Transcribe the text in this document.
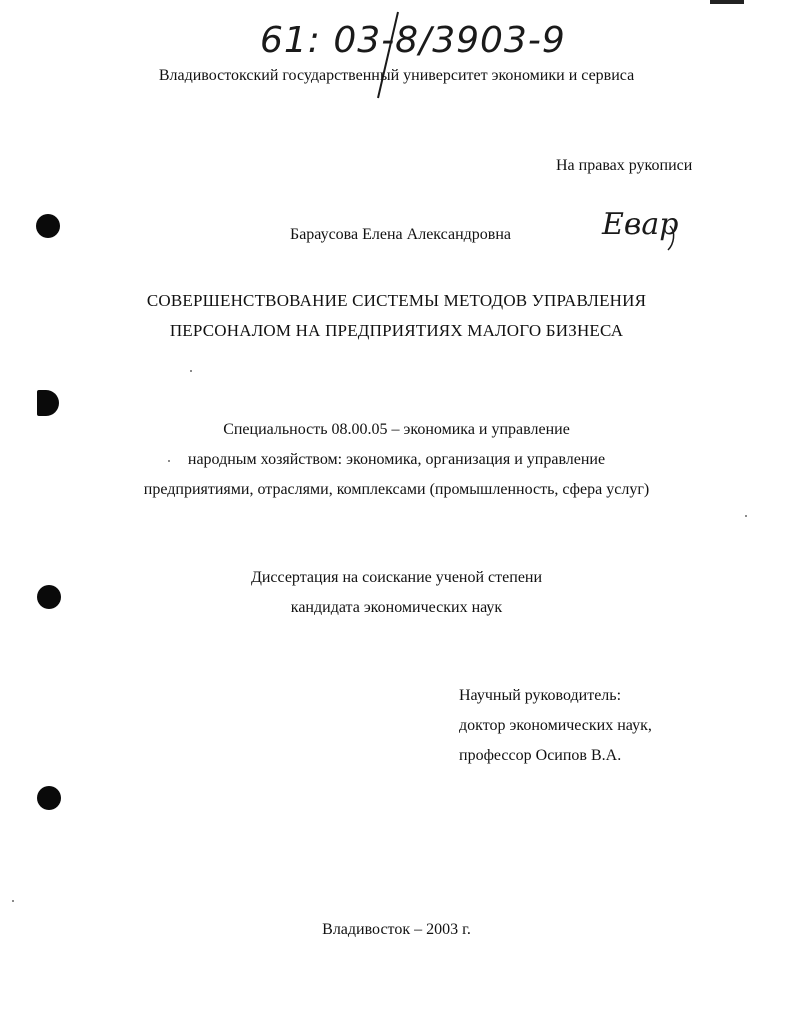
61: 03-8/3903-9
Владивостокский государственный университет экономики и сервиса
На правах рукописи
Бараусова Елена Александровна	Евар
СОВЕРШЕНСТВОВАНИЕ СИСТЕМЫ МЕТОДОВ УПРАВЛЕНИЯ
ПЕРСОНАЛОМ НА ПРЕДПРИЯТИЯХ МАЛОГО БИЗНЕСА
Специальность 08.00.05 – экономика и управление
народным хозяйством: экономика, организация и управление
предприятиями, отраслями, комплексами (промышленность, сфера услуг)
Диссертация на соискание ученой степени
кандидата экономических наук
Научный руководитель:
доктор экономических наук,
профессор Осипов В.А.
Владивосток – 2003 г.
